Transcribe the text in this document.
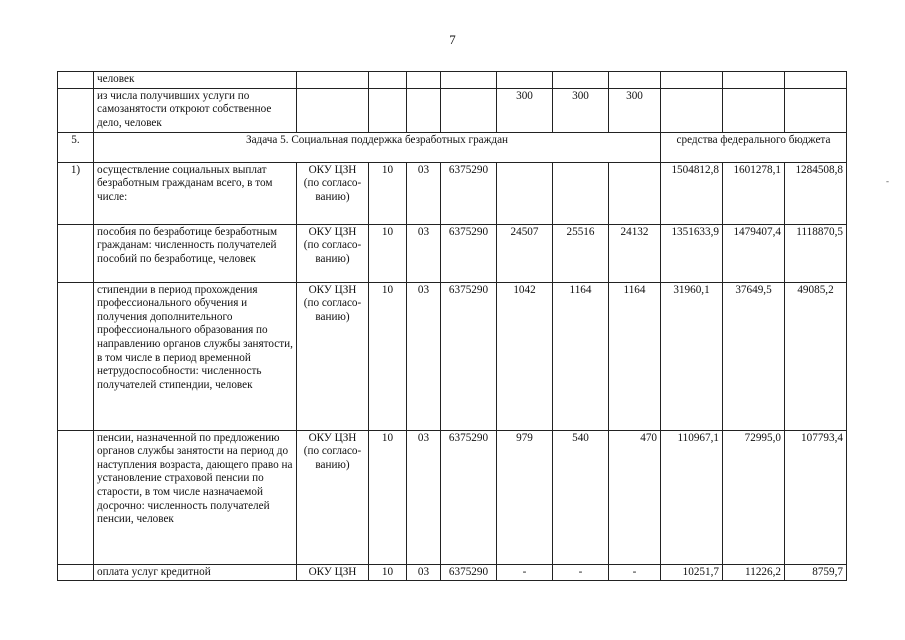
7
-
	человек										
	из числа получивших услуги по самозанятости откроют собственное дело, человек					300	300	300			
5.	Задача 5. Социальная поддержка безработных граждан								средства федерального бюджета		
1)	осуществление социальных выплат безработным гражданам всего, в том числе:	ОКУ ЦЗН (по согласо-ванию)	10	03	6375290				1504812,8	1601278,1	1284508,8
	пособия по безработице безработным гражданам: численность получателей пособий по безработице, человек	ОКУ ЦЗН (по согласо-ванию)	10	03	6375290	24507	25516	24132	1351633,9	1479407,4	1118870,5
	стипендии в период прохождения профессионального обучения и получения дополнительного профессионального образования по направлению органов службы занятости, в том числе в период временной нетрудоспособности: численность получателей стипендии, человек	ОКУ ЦЗН (по согласо-ванию)	10	03	6375290	1042	1164	1164	31960,1	37649,5	49085,2
	пенсии, назначенной по предложению органов службы занятости на период до наступления возраста, дающего право на установление страховой пенсии по старости, в том числе назначаемой досрочно: численность получателей пенсии, человек	ОКУ ЦЗН (по согласо-ванию)	10	03	6375290	979	540	470	110967,1	72995,0	107793,4
	оплата услуг кредитной	ОКУ ЦЗН	10	03	6375290	-	-	-	10251,7	11226,2	8759,7
